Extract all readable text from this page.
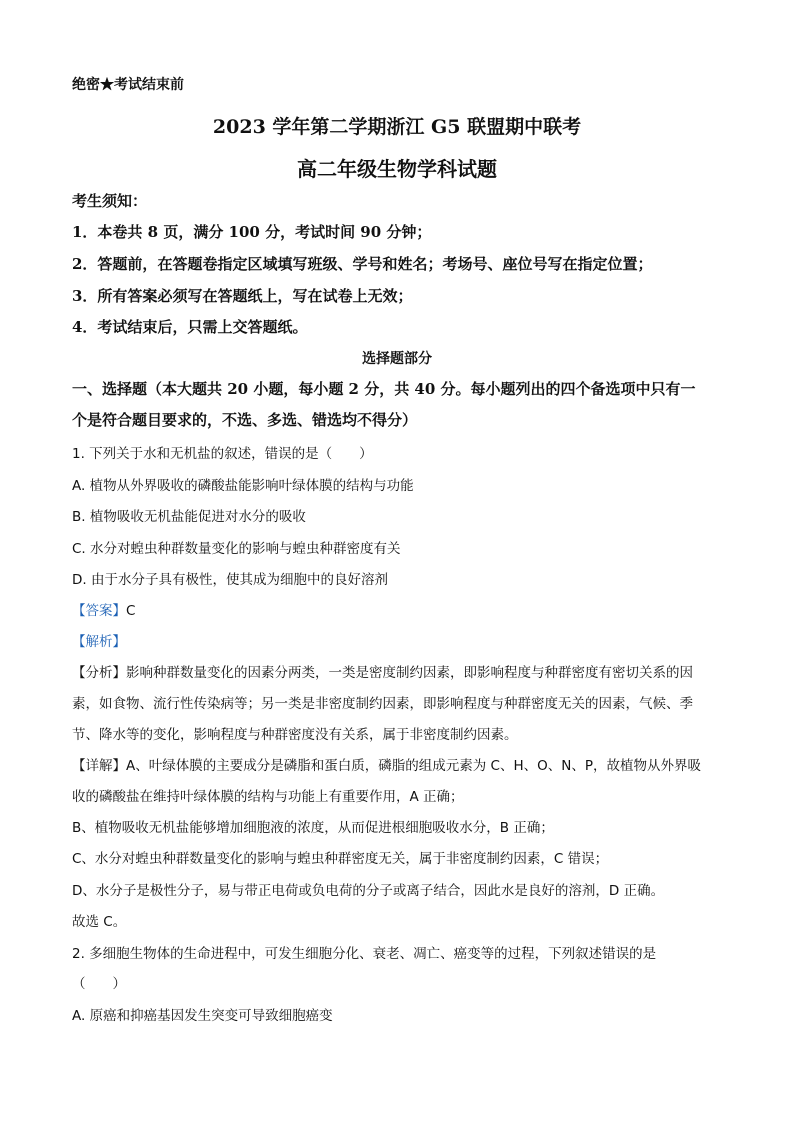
绝密★考试结束前
2023 学年第二学期浙江 G5 联盟期中联考
高二年级生物学科试题
考生须知：
1．本卷共 8 页，满分 100 分，考试时间 90 分钟；
2．答题前，在答题卷指定区域填写班级、学号和姓名；考场号、座位号写在指定位置；
3．所有答案必须写在答题纸上，写在试卷上无效；
4．考试结束后，只需上交答题纸。
选择题部分
一、选择题（本大题共 20 小题，每小题 2 分，共 40 分。每小题列出的四个备选项中只有一
个是符合题目要求的，不选、多选、错选均不得分）
1. 下列关于水和无机盐的叙述，错误的是（　　）
A. 植物从外界吸收的磷酸盐能影响叶绿体膜的结构与功能
B. 植物吸收无机盐能促进对水分的吸收
C. 水分对蝗虫种群数量变化的影响与蝗虫种群密度有关
D. 由于水分子具有极性，使其成为细胞中的良好溶剂
【答案】C
【解析】
【分析】影响种群数量变化的因素分两类，一类是密度制约因素，即影响程度与种群密度有密切关系的因
素，如食物、流行性传染病等；另一类是非密度制约因素，即影响程度与种群密度无关的因素，气候、季
节、降水等的变化，影响程度与种群密度没有关系，属于非密度制约因素。
【详解】A、叶绿体膜的主要成分是磷脂和蛋白质，磷脂的组成元素为 C、H、O、N、P，故植物从外界吸
收的磷酸盐在维持叶绿体膜的结构与功能上有重要作用，A 正确；
B、植物吸收无机盐能够增加细胞液的浓度，从而促进根细胞吸收水分，B 正确；
C、水分对蝗虫种群数量变化的影响与蝗虫种群密度无关，属于非密度制约因素，C 错误；
D、水分子是极性分子，易与带正电荷或负电荷的分子或离子结合，因此水是良好的溶剂，D 正确。
故选 C。
2. 多细胞生物体的生命进程中，可发生细胞分化、衰老、凋亡、癌变等的过程，下列叙述错误的是
（　　）
A. 原癌和抑癌基因发生突变可导致细胞癌变
